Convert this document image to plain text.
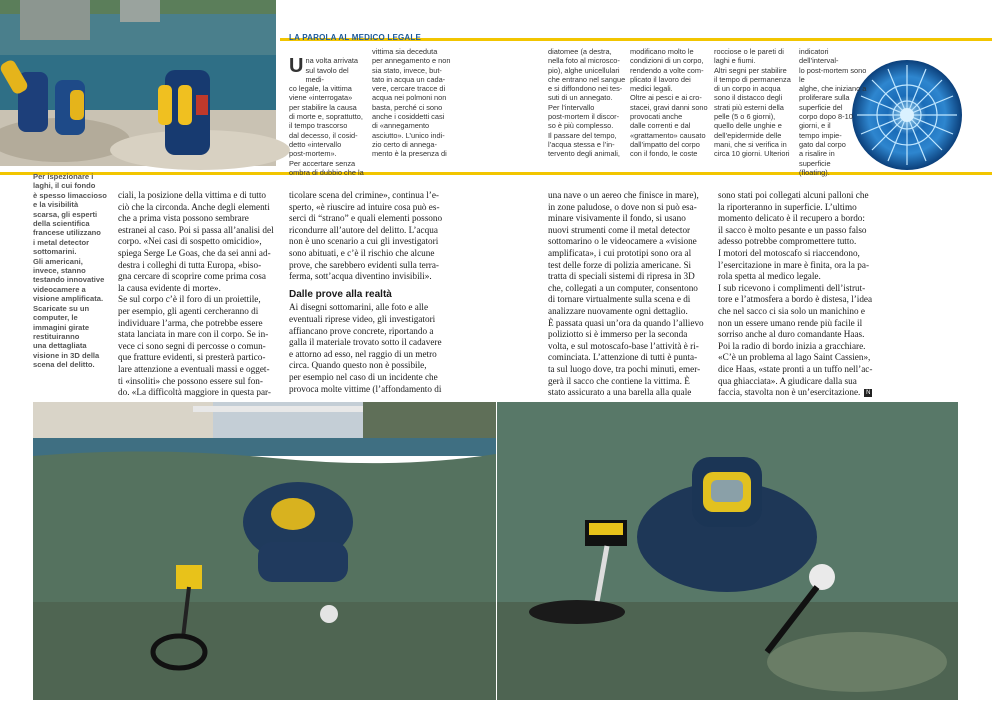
LA PAROLA AL MEDICO LEGALE

Una volta arrivata
sul tavolo del medi-
co legale, la vittima
viene «interrogata»
per stabilire la causa
di morte e, soprattutto,
il tempo trascorso
dal decesso, il cosid-
detto «intervallo
post-mortem».
Per accertare senza
ombra di dubbio che la

vittima sia deceduta
per annegamento e non
sia stato, invece, but-
tato in acqua un cada-
vere, cercare tracce di
acqua nei polmoni non
basta, perché ci sono
anche i cosiddetti casi
di «annegamento
asciutto». L’unico indi-
zio certo di annega-
mento è la presenza di
diatomee (a destra,
nella foto al microsco-
pio), alghe unicellulari
che entrano nel sangue
e si diffondono nei tes-
suti di un annegato.
Per l’intervallo
post-mortem il discor-
so è più complesso.
Il passare del tempo,
l’acqua stessa e l’in-
tervento degli animali,
modificano molto le
condizioni di un corpo,
rendendo a volte com-
plicato il lavoro dei
medici legali.
Oltre ai pesci e ai cro-
stacei, gravi danni sono
provocati anche
dalle correnti e dal
«grattamento» causato
dall’impatto del corpo
con il fondo, le coste
rocciose o le pareti di
laghi e fiumi.
Altri segni per stabilire
il tempo di permanenza
di un corpo in acqua
sono il distacco degli
strati più esterni della
pelle (5 o 6 giorni),
quello delle unghie e
dell’epidermide delle
mani, che si verifica in
circa 10 giorni. Ulteriori
indicatori dell’interval-
lo post-mortem sono le
alghe, che iniziano a
proliferare sulla
superficie del
corpo dopo 8-10
giorni, e il
tempo impie-
gato dal corpo
a risalire in
superficie
(floating).
Per ispezionare i
laghi, il cui fondo
è spesso limaccioso
e la visibilità
scarsa, gli esperti
della scientifica
francese utilizzano
i metal detector
sottomarini.
Gli americani,
invece, stanno
testando innovative
videocamere a
visione amplificata.
Scaricate su un
computer, le
immagini girate
restituiranno
una dettagliata
visione in 3D della
scena del delitto.

ciali, la posizione della vittima e di tutto
ciò che la circonda. Anche degli elementi
che a prima vista possono sembrare
estranei al caso. Poi si passa all’analisi del
corpo. «Nei casi di sospetto omicidio»,
spiega Serge Le Goas, che da sei anni ad-
destra i colleghi di tutta Europa, «biso-
gna cercare di scoprire come prima cosa
la causa evidente di morte».
Se sul corpo c’è il foro di un proiettile,
per esempio, gli agenti cercheranno di
individuare l’arma, che potrebbe essere
stata lanciata in mare con il corpo. Se in-
vece ci sono segni di percosse o comun-
que fratture evidenti, si presterà partico-
lare attenzione a eventuali massi e ogget-
ti «insoliti» che possono essere sul fon-
do. «La difficoltà maggiore in questa par-

ticolare scena del crimine», continua l’e-
sperto, «è riuscire ad intuire cosa può es-
serci di “strano” e quali elementi possono
ricondurre all’autore del delitto. L’acqua
non è uno scenario a cui gli investigatori
sono abituati, e c’è il rischio che alcune
prove, che sarebbero evidenti sulla terra-
ferma, sott’acqua diventino invisibili».

Dalle prove alla realtà

Ai disegni sottomarini, alle foto e alle
eventuali riprese video, gli investigatori
affiancano prove concrete, riportando a
galla il materiale trovato sotto il cadavere
e attorno ad esso, nel raggio di un metro
circa. Quando questo non è possibile,
per esempio nel caso di un incidente che
provoca molte vittime (l’affondamento di

una nave o un aereo che finisce in mare),
in zone paludose, o dove non si può esa-
minare visivamente il fondo, si usano
nuovi strumenti come il metal detector
sottomarino o le videocamere a «visione
amplificata», i cui prototipi sono ora al
test delle forze di polizia americane. Si
tratta di speciali sistemi di ripresa in 3D
che, collegati a un computer, consentono
di tornare virtualmente sulla scena e di
analizzare nuovamente ogni dettaglio.
È passata quasi un’ora da quando l’allievo
poliziotto si è immerso per la seconda
volta, e sul motoscafo-base l’attività è ri-
cominciata. L’attenzione di tutti è punta-
ta sul luogo dove, tra pochi minuti, emer-
gerà il sacco che contiene la vittima. È
stato assicurato a una barella alla quale

sono stati poi collegati alcuni palloni che
la riporteranno in superficie. L’ultimo
momento delicato è il recupero a bordo:
il sacco è molto pesante e un passo falso
adesso potrebbe compromettere tutto.
I motori del motoscafo si riaccendono,
l’esercitazione in mare è finita, ora la pa-
rola spetta al medico legale.
I sub ricevono i complimenti dell’istrut-
tore e l’atmosfera a bordo è distesa, l’idea
che nel sacco ci sia solo un manichino e
non un essere umano rende più facile il
sorriso anche al duro comandante Haas.
Poi la radio di bordo inizia a gracchiare.
«C’è un problema al lago Saint Cassien»,
dice Haas, «state pronti a un tuffo nell’ac-
qua ghiacciata». A giudicare dalla sua
faccia, stavolta non è un’esercitazione. N
